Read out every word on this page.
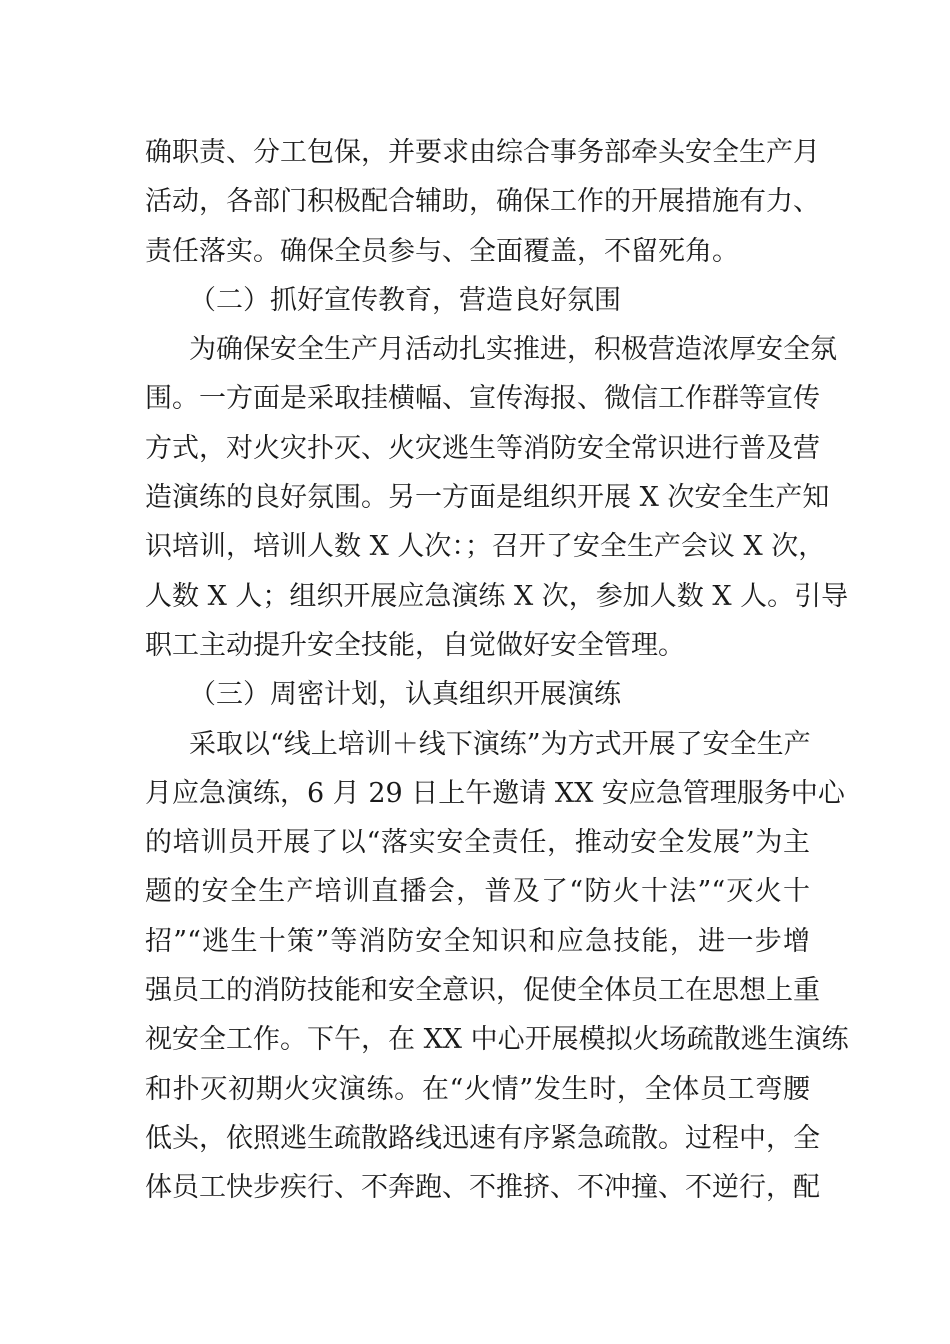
确职责、分工包保，并要求由综合事务部牵头安全生产月
活动，各部门积极配合辅助，确保工作的开展措施有力、
责任落实。确保全员参与、全面覆盖，不留死角。
（二）抓好宣传教育，营造良好氛围
为确保安全生产月活动扎实推进，积极营造浓厚安全氛
围。一方面是采取挂横幅、宣传海报、微信工作群等宣传
方式，对火灾扑灭、火灾逃生等消防安全常识进行普及营
造演练的良好氛围。另一方面是组织开展 X 次安全生产知
识培训，培训人数 X 人次：；召开了安全生产会议 X 次，
人数 X 人；组织开展应急演练 X 次，参加人数 X 人。引导
职工主动提升安全技能，自觉做好安全管理。
（三）周密计划，认真组织开展演练
采取以“线上培训＋线下演练”为方式开展了安全生产
月应急演练，6 月 29 日上午邀请 XX 安应急管理服务中心
的培训员开展了以“落实安全责任，推动安全发展”为主
题的安全生产培训直播会，普及了“防火十法”“灭火十
招”“逃生十策”等消防安全知识和应急技能，进一步增
强员工的消防技能和安全意识，促使全体员工在思想上重
视安全工作。下午，在 XX 中心开展模拟火场疏散逃生演练
和扑灭初期火灾演练。在“火情”发生时，全体员工弯腰
低头，依照逃生疏散路线迅速有序紧急疏散。过程中，全
体员工快步疾行、不奔跑、不推挤、不冲撞、不逆行，配
